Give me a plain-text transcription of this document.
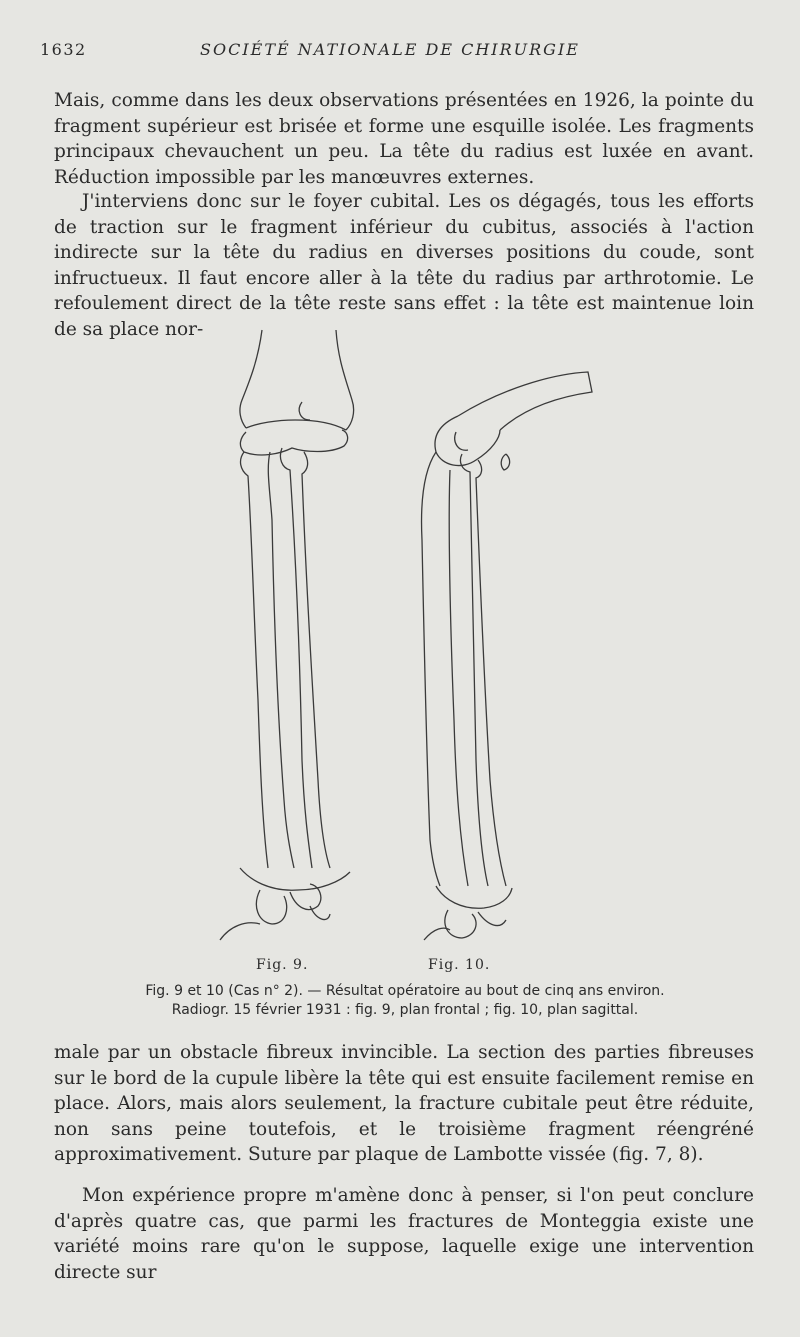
1632	SOCIÉTÉ NATIONALE DE CHIRURGIE

Mais, comme dans les deux observations présentées en 1926, la pointe du fragment supérieur est brisée et forme une esquille isolée. Les fragments principaux chevauchent un peu. La tête du radius est luxée en avant. Réduction impossible par les manœuvres externes.

J'interviens donc sur le foyer cubital. Les os dégagés, tous les efforts de traction sur le fragment inférieur du cubitus, associés à l'action indirecte sur la tête du radius en diverses positions du coude, sont infructueux. Il faut encore aller à la tête du radius par arthrotomie. Le refoulement direct de la tête reste sans effet : la tête est maintenue loin de sa place nor-

Fig. 9.	Fig. 10.

Fig. 9 et 10 (Cas n° 2). — Résultat opératoire au bout de cinq ans environ.
Radiogr. 15 février 1931 : fig. 9, plan frontal ; fig. 10, plan sagittal.

male par un obstacle fibreux invincible. La section des parties fibreuses sur le bord de la cupule libère la tête qui est ensuite facilement remise en place. Alors, mais alors seulement, la fracture cubitale peut être réduite, non sans peine toutefois, et le troisième fragment réengréné approximativement. Suture par plaque de Lambotte vissée (fig. 7, 8).

Mon expérience propre m'amène donc à penser, si l'on peut conclure d'après quatre cas, que parmi les fractures de Monteggia existe une variété moins rare qu'on le suppose, laquelle exige une intervention directe sur
